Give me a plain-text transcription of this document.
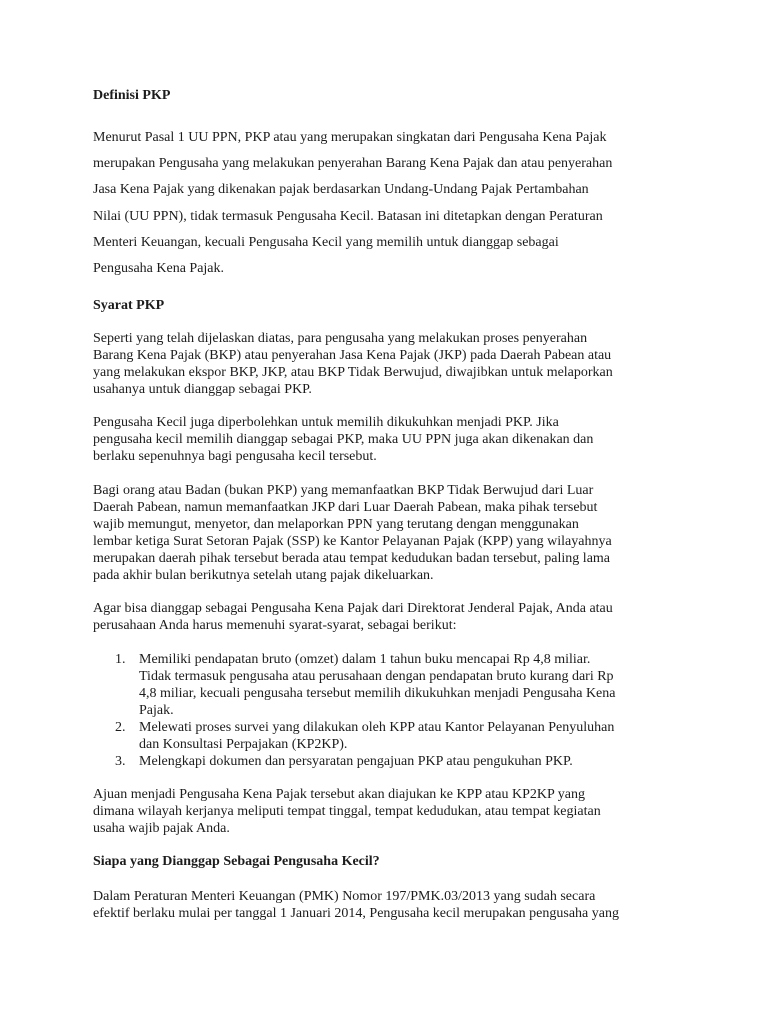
Definisi PKP

Menurut Pasal 1 UU PPN, PKP atau yang merupakan singkatan dari Pengusaha Kena Pajak
merupakan Pengusaha yang melakukan penyerahan Barang Kena Pajak dan atau penyerahan
Jasa Kena Pajak yang dikenakan pajak berdasarkan Undang-Undang Pajak Pertambahan
Nilai (UU PPN), tidak termasuk Pengusaha Kecil. Batasan ini ditetapkan dengan Peraturan
Menteri Keuangan, kecuali Pengusaha Kecil yang memilih untuk dianggap sebagai
Pengusaha Kena Pajak.

Syarat PKP

Seperti yang telah dijelaskan diatas, para pengusaha yang melakukan proses penyerahan
Barang Kena Pajak (BKP) atau penyerahan Jasa Kena Pajak (JKP) pada Daerah Pabean atau
yang melakukan ekspor BKP, JKP, atau BKP Tidak Berwujud, diwajibkan untuk melaporkan
usahanya untuk dianggap sebagai PKP.

Pengusaha Kecil juga diperbolehkan untuk memilih dikukuhkan menjadi PKP. Jika
pengusaha kecil memilih dianggap sebagai PKP, maka UU PPN juga akan dikenakan dan
berlaku sepenuhnya bagi pengusaha kecil tersebut.

Bagi orang atau Badan (bukan PKP) yang memanfaatkan BKP Tidak Berwujud dari Luar
Daerah Pabean, namun memanfaatkan JKP dari Luar Daerah Pabean, maka pihak tersebut
wajib memungut, menyetor, dan melaporkan PPN yang terutang dengan menggunakan
lembar ketiga Surat Setoran Pajak (SSP) ke Kantor Pelayanan Pajak (KPP) yang wilayahnya
merupakan daerah pihak tersebut berada atau tempat kedudukan badan tersebut, paling lama
pada akhir bulan berikutnya setelah utang pajak dikeluarkan.

Agar bisa dianggap sebagai Pengusaha Kena Pajak dari Direktorat Jenderal Pajak, Anda atau
perusahaan Anda harus memenuhi syarat-syarat, sebagai berikut:

1. Memiliki pendapatan bruto (omzet) dalam 1 tahun buku mencapai Rp 4,8 miliar.
Tidak termasuk pengusaha atau perusahaan dengan pendapatan bruto kurang dari Rp
4,8 miliar, kecuali pengusaha tersebut memilih dikukuhkan menjadi Pengusaha Kena
Pajak.
2. Melewati proses survei yang dilakukan oleh KPP atau Kantor Pelayanan Penyuluhan
dan Konsultasi Perpajakan (KP2KP).
3. Melengkapi dokumen dan persyaratan pengajuan PKP atau pengukuhan PKP.

Ajuan menjadi Pengusaha Kena Pajak tersebut akan diajukan ke KPP atau KP2KP yang
dimana wilayah kerjanya meliputi tempat tinggal, tempat kedudukan, atau tempat kegiatan
usaha wajib pajak Anda.

Siapa yang Dianggap Sebagai Pengusaha Kecil?

Dalam Peraturan Menteri Keuangan (PMK) Nomor 197/PMK.03/2013 yang sudah secara
efektif berlaku mulai per tanggal 1 Januari 2014, Pengusaha kecil merupakan pengusaha yang
